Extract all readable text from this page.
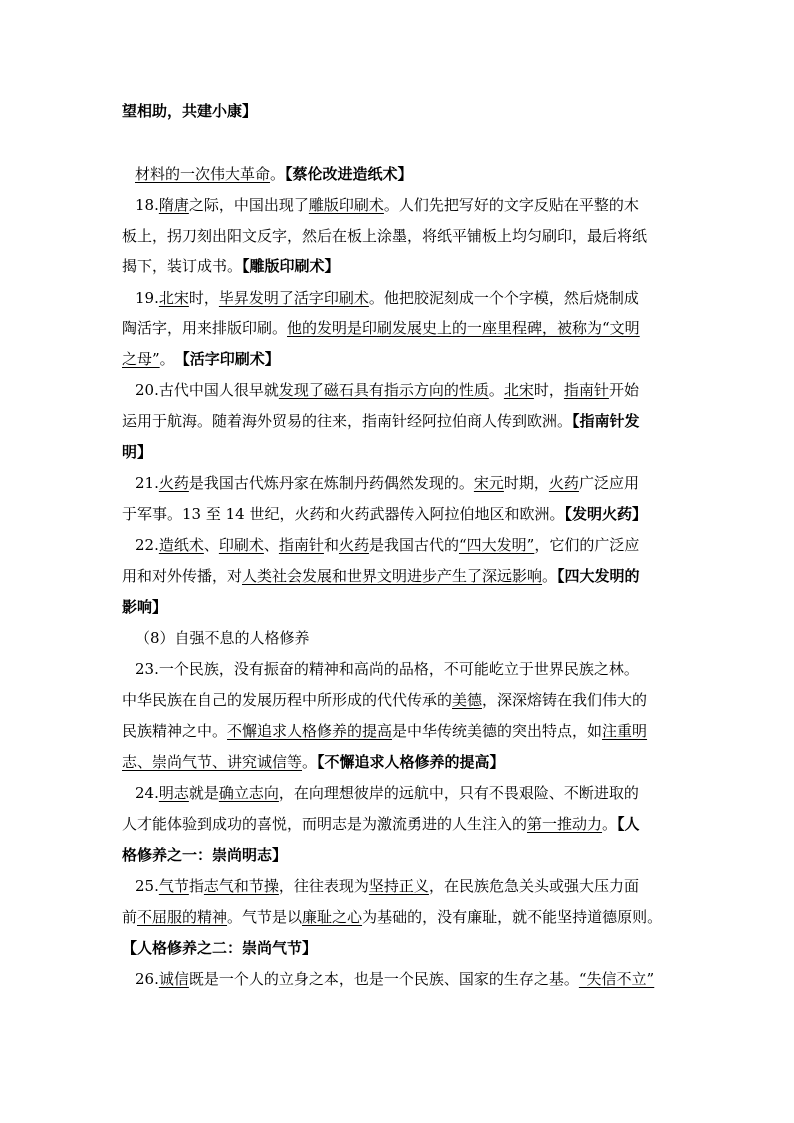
望相助，共建小康】
材料的一次伟大革命。【蔡伦改进造纸术】
18.隋唐之际，中国出现了雕版印刷术。人们先把写好的文字反贴在平整的木
板上，拐刀刻出阳文反字，然后在板上涂墨，将纸平铺板上均匀刷印，最后将纸
揭下，装订成书。【雕版印刷术】
19.北宋时，毕昇发明了活字印刷术。他把胶泥刻成一个个字模，然后烧制成
陶活字，用来排版印刷。他的发明是印刷发展史上的一座里程碑，被称为“文明
之母”。　【活字印刷术】
20.古代中国人很早就发现了磁石具有指示方向的性质。北宋时，指南针开始
运用于航海。随着海外贸易的往来，指南针经阿拉伯商人传到欧洲。【指南针发
明】
21.火药是我国古代炼丹家在炼制丹药偶然发现的。宋元时期，火药广泛应用
于军事。13 至 14 世纪，火药和火药武器传入阿拉伯地区和欧洲。【发明火药】
22.造纸术、印刷术、指南针和火药是我国古代的“四大发明”，它们的广泛应
用和对外传播，对人类社会发展和世界文明进步产生了深远影响。【四大发明的
影响】
（8）自强不息的人格修养
23.一个民族，没有振奋的精神和高尚的品格，不可能屹立于世界民族之林。
中华民族在自己的发展历程中所形成的代代传承的美德，深深熔铸在我们伟大的
民族精神之中。不懈追求人格修养的提高是中华传统美德的突出特点，如注重明
志、崇尚气节、讲究诚信等。【不懈追求人格修养的提高】
24.明志就是确立志向，在向理想彼岸的远航中，只有不畏艰险、不断进取的
人才能体验到成功的喜悦，而明志是为激流勇进的人生注入的第一推动力。【人
格修养之一：崇尚明志】
25.气节指志气和节操，往往表现为坚持正义，在民族危急关头或强大压力面
前不屈服的精神。气节是以廉耻之心为基础的，没有廉耻，就不能坚持道德原则。
【人格修养之二：崇尚气节】
26.诚信既是一个人的立身之本，也是一个民族、国家的生存之基。“失信不立”
